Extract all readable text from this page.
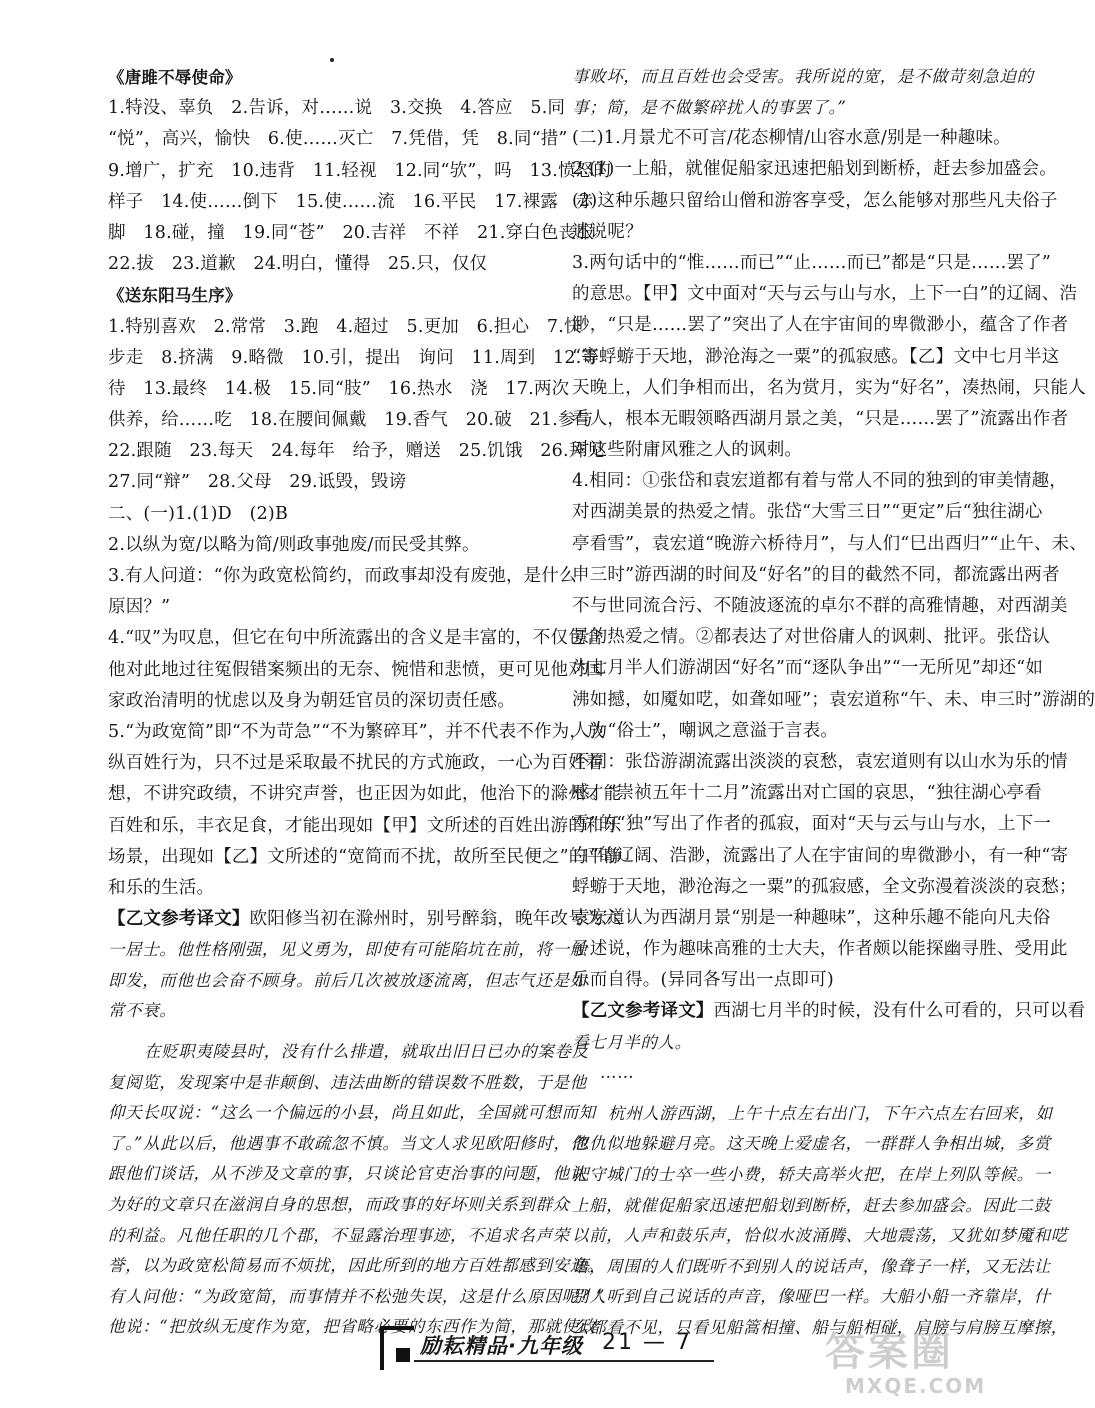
《唐雎不辱使命》
1.特没、辜负　2.告诉，对……说　3.交换　4.答应　5.同
“悦”，高兴，愉快　6.使……灭亡　7.凭借，凭　8.同“措”
9.增广，扩充　10.违背　11.轻视　12.同“欤”，吗　13.愤怒的
样子　14.使……倒下　15.使……流　16.平民　17.裸露　赤
脚　18.碰，撞　19.同“苍”　20.吉祥　不祥　21.穿白色丧服
22.拔　23.道歉　24.明白，懂得　25.只，仅仅
《送东阳马生序》
1.特别喜欢　2.常常　3.跑　4.超过　5.更加　6.担心　7.快
步走　8.挤满　9.略微　10.引，提出　询问　11.周到　12.等
待　13.最终　14.极　15.同“肢”　16.热水　浇　17.两次
供养，给……吃　18.在腰间佩戴　19.香气　20.破　21.参与
22.跟随　23.每天　24.每年　给予，赠送　25.饥饿　26.拜见
27.同“辩”　28.父母　29.诋毁，毁谤
二、(一)1.(1)D　(2)B
2.以纵为宽/以略为简/则政事弛废/而民受其弊。
3.有人问道：“你为政宽松简约，而政事却没有废弛，是什么
原因？”
4.“叹”为叹息，但它在句中所流露出的含义是丰富的，不仅包含
他对此地过往冤假错案频出的无奈、惋惜和悲愤，更可见他对国
家政治清明的忧虑以及身为朝廷官员的深切责任感。
5.“为政宽简”即“不为苛急”“不为繁碎耳”，并不代表不作为，放
纵百姓行为，只不过是采取最不扰民的方式施政，一心为百姓着
想，不讲究政绩，不讲究声誉，也正因为如此，他治下的滁州才能
百姓和乐，丰衣足食，才能出现如【甲】文所述的百姓出游的和乐
场景，出现如【乙】文所述的“宽简而不扰，故所至民便之”的平静
和乐的生活。
【乙文参考译文】欧阳修当初在滁州时，别号醉翁，晚年改号为六
一居士。他性格刚强，见义勇为，即使有可能陷坑在前，将一触
即发，而他也会奋不顾身。前后几次被放逐流离，但志气还是如
常不衰。
在贬职夷陵县时，没有什么排遣，就取出旧日已办的案卷反
复阅览，发现案中是非颠倒、违法曲断的错误数不胜数，于是他
仰天长叹说：“这么一个偏远的小县，尚且如此，全国就可想而知
了。”从此以后，他遇事不敢疏忽不慎。当文人求见欧阳修时，他
跟他们谈话，从不涉及文章的事，只谈论官吏治事的问题，他认
为好的文章只在滋润自身的思想，而政事的好坏则关系到群众
的利益。凡他任职的几个郡，不显露治理事迹，不追求名声荣
誉，以为政宽松简易而不烦扰，因此所到的地方百姓都感到安逸。
有人问他：“为政宽简，而事情并不松弛失误，这是什么原因呢？”
他说：“把放纵无度作为宽，把省略必要的东西作为简，那就使政
事败坏，而且百姓也会受害。我所说的宽，是不做苛刻急迫的
事；简，是不做繁碎扰人的事罢了。”
(二)1.月景尤不可言/花态柳情/山容水意/别是一种趣味。
2.(1)一上船，就催促船家迅速把船划到断桥，赶去参加盛会。
(2)这种乐趣只留给山僧和游客享受，怎么能够对那些凡夫俗子
述说呢？
3.两句话中的“惟……而已”“止……而已”都是“只是……罢了”
的意思。【甲】文中面对“天与云与山与水，上下一白”的辽阔、浩
渺，“只是……罢了”突出了人在宇宙间的卑微渺小，蕴含了作者
“寄蜉蝣于天地，渺沧海之一粟”的孤寂感。【乙】文中七月半这
天晚上，人们争相而出，名为赏月，实为“好名”，凑热闹，只能人
看人，根本无暇领略西湖月景之美，“只是……罢了”流露出作者
对这些附庸风雅之人的讽刺。
4.相同：①张岱和袁宏道都有着与常人不同的独到的审美情趣，
对西湖美景的热爱之情。张岱“大雪三日”“更定”后“独往湖心
亭看雪”，袁宏道“晚游六桥待月”，与人们“巳出酉归”“止午、未、
申三时”游西湖的时间及“好名”的目的截然不同，都流露出两者
不与世同流合污、不随波逐流的卓尔不群的高雅情趣，对西湖美
景的热爱之情。②都表达了对世俗庸人的讽刺、批评。张岱认
为七月半人们游湖因“好名”而“逐队争出”“一无所见”却还“如
沸如撼，如魇如呓，如聋如哑”；袁宏道称“午、未、申三时”游湖的
人为“俗士”，嘲讽之意溢于言表。
不同：张岱游湖流露出淡淡的哀愁，袁宏道则有以山水为乐的情
感。“崇祯五年十二月”流露出对亡国的哀思，“独往湖心亭看
雪”的“独”写出了作者的孤寂，面对“天与云与山与水，上下一
白”的辽阔、浩渺，流露出了人在宇宙间的卑微渺小，有一种“寄
蜉蝣于天地，渺沧海之一粟”的孤寂感，全文弥漫着淡淡的哀愁；
袁宏道认为西湖月景“别是一种趣味”，这种乐趣不能向凡夫俗
子述说，作为趣味高雅的士大夫，作者颇以能探幽寻胜、受用此
乐而自得。(异同各写出一点即可)
【乙文参考译文】西湖七月半的时候，没有什么可看的，只可以看
看七月半的人。
……
杭州人游西湖，上午十点左右出门，下午六点左右回来，如
忽仇似地躲避月亮。这天晚上爱虚名，一群群人争相出城，多赏
把守城门的士卒一些小费，轿夫高举火把，在岸上列队等候。一
上船，就催促船家迅速把船划到断桥，赶去参加盛会。因此二鼓
以前，人声和鼓乐声，恰似水波涌腾、大地震荡，又犹如梦魇和呓
语，周围的人们既听不到别人的说话声，像聋子一样，又无法让
别人听到自己说话的声音，像哑巴一样。大船小船一齐靠岸，什
么都看不见，只看见船篙相撞、船与船相碰，肩膀与肩膀互摩擦，
励耘精品·九年级 21 — 7	答案圈
MXQE.COM
